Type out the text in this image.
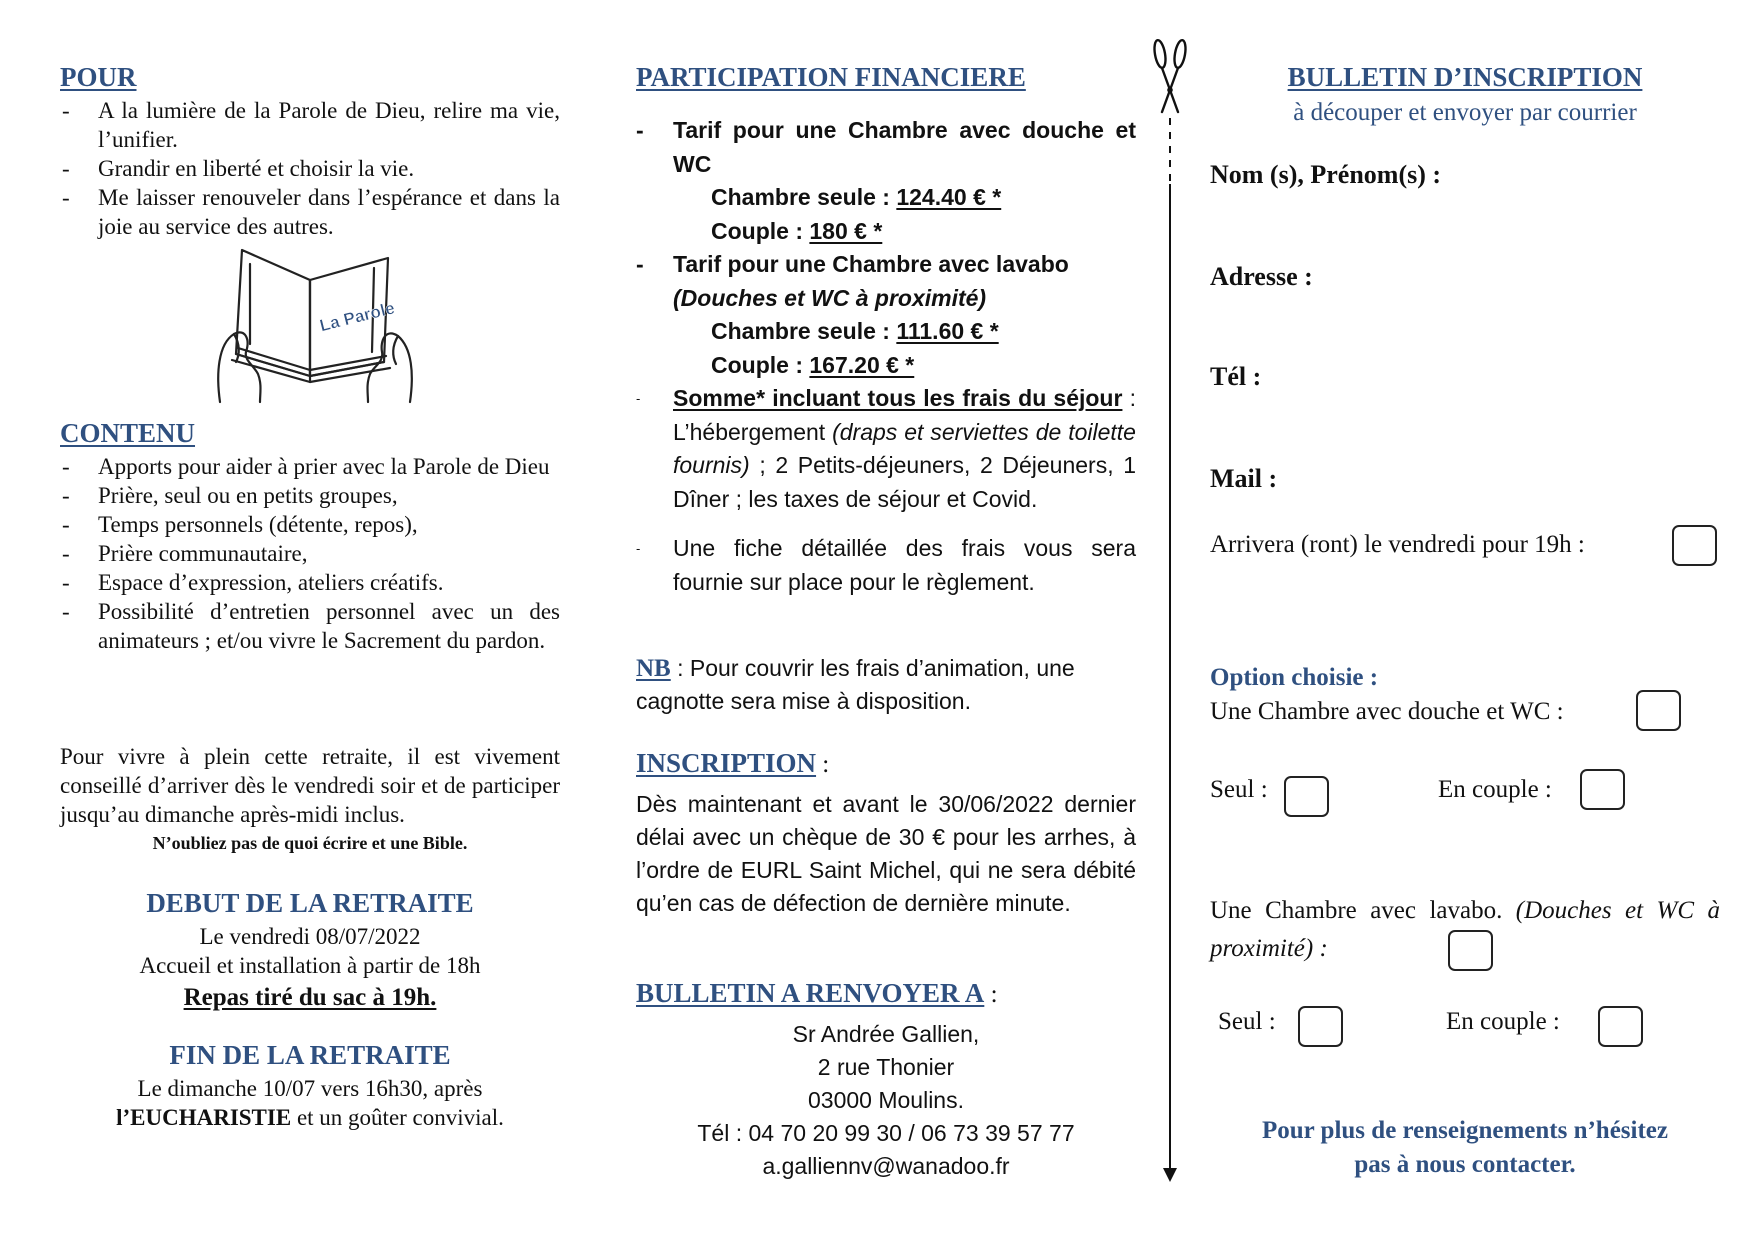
POUR
- A la lumière de la Parole de Dieu, relire ma vie, l’unifier.
- Grandir en liberté et choisir la vie.
- Me laisser renouveler dans l’espérance et dans la joie au service des autres.
La Parole
CONTENU
- Apports pour aider à prier avec la Parole de Dieu
- Prière, seul ou en petits groupes,
- Temps personnels (détente, repos),
- Prière communautaire,
- Espace d’expression, ateliers créatifs.
- Possibilité d’entretien personnel avec un des animateurs ; et/ou vivre le Sacrement du pardon.
Pour vivre à plein cette retraite, il est vivement conseillé d’arriver dès le vendredi soir et de participer jusqu’au dimanche après-midi inclus.
N’oubliez pas de quoi écrire et une Bible.
DEBUT DE LA RETRAITE
Le vendredi 08/07/2022
Accueil et installation à partir de 18h
Repas tiré du sac à 19h.
FIN DE LA RETRAITE
Le dimanche 10/07 vers 16h30, après
l’EUCHARISTIE et un goûter convivial.
PARTICIPATION FINANCIERE
- Tarif pour une Chambre avec douche et WC
Chambre seule : 124.40 € *
Couple : 180 € *
- Tarif pour une Chambre avec lavabo
(Douches et WC à proximité)
Chambre seule : 111.60 € *
Couple : 167.20 € *
- Somme* incluant tous les frais du séjour : L’hébergement (draps et serviettes de toilette fournis) ; 2 Petits-déjeuners, 2 Déjeuners, 1 Dîner ; les taxes de séjour et Covid.
- Une fiche détaillée des frais vous sera fournie sur place pour le règlement.
NB : Pour couvrir les frais d’animation, une cagnotte sera mise à disposition.
INSCRIPTION :
Dès maintenant et avant le 30/06/2022 dernier délai avec un chèque de 30 € pour les arrhes, à l’ordre de EURL Saint Michel, qui ne sera débité qu’en cas de défection de dernière minute.
BULLETIN A RENVOYER A :
Sr Andrée Gallien,
2 rue Thonier
03000 Moulins.
Tél : 04 70 20 99 30 / 06 73 39 57 77
a.galliennv@wanadoo.fr
BULLETIN D’INSCRIPTION
à découper et envoyer par courrier
Nom (s), Prénom(s) :
Adresse :
Tél :
Mail :
Arrivera (ront) le vendredi pour 19h :
Option choisie :
Une Chambre avec douche et WC :
Seul :	En couple :
Une Chambre avec lavabo. (Douches et WC à proximité) :
Seul :	En couple :
Pour plus de renseignements n’hésitez
pas à nous contacter.
